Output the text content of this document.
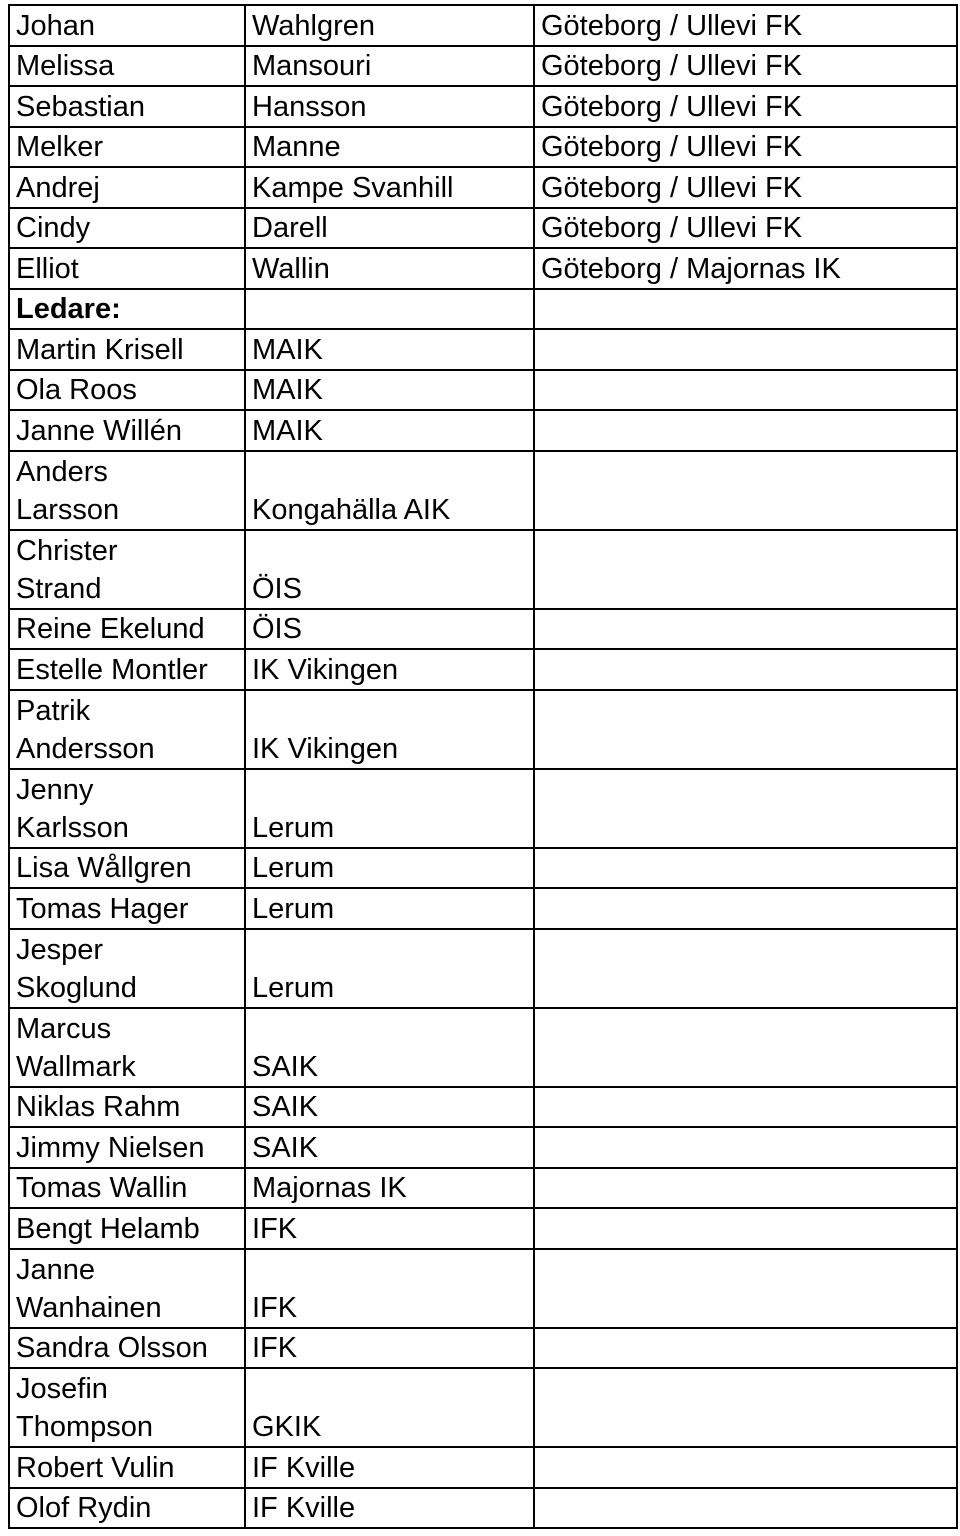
Johan	Wahlgren	Göteborg / Ullevi FK
Melissa	Mansouri	Göteborg / Ullevi FK
Sebastian	Hansson	Göteborg / Ullevi FK
Melker	Manne	Göteborg / Ullevi FK
Andrej	Kampe Svanhill	Göteborg / Ullevi FK
Cindy	Darell	Göteborg / Ullevi FK
Elliot	Wallin	Göteborg / Majornas IK
Ledare:		

Martin Krisell	MAIK	

Ola Roos	MAIK	

Janne Willén	MAIK	

Anders
Larsson	Kongahälla AIK	

Christer
Strand	ÖIS	

Reine Ekelund	ÖIS	

Estelle Montler	IK Vikingen	

Patrik
Andersson	IK Vikingen	

Jenny
Karlsson	Lerum	

Lisa Wållgren	Lerum	

Tomas Hager	Lerum	

Jesper
Skoglund	Lerum	

Marcus
Wallmark	SAIK	

Niklas Rahm	SAIK	

Jimmy Nielsen	SAIK	

Tomas Wallin	Majornas IK	

Bengt Helamb	IFK	

Janne
Wanhainen	IFK	

Sandra Olsson	IFK	

Josefin
Thompson	GKIK	

Robert Vulin	IF Kville	

Olof Rydin	IF Kville	
